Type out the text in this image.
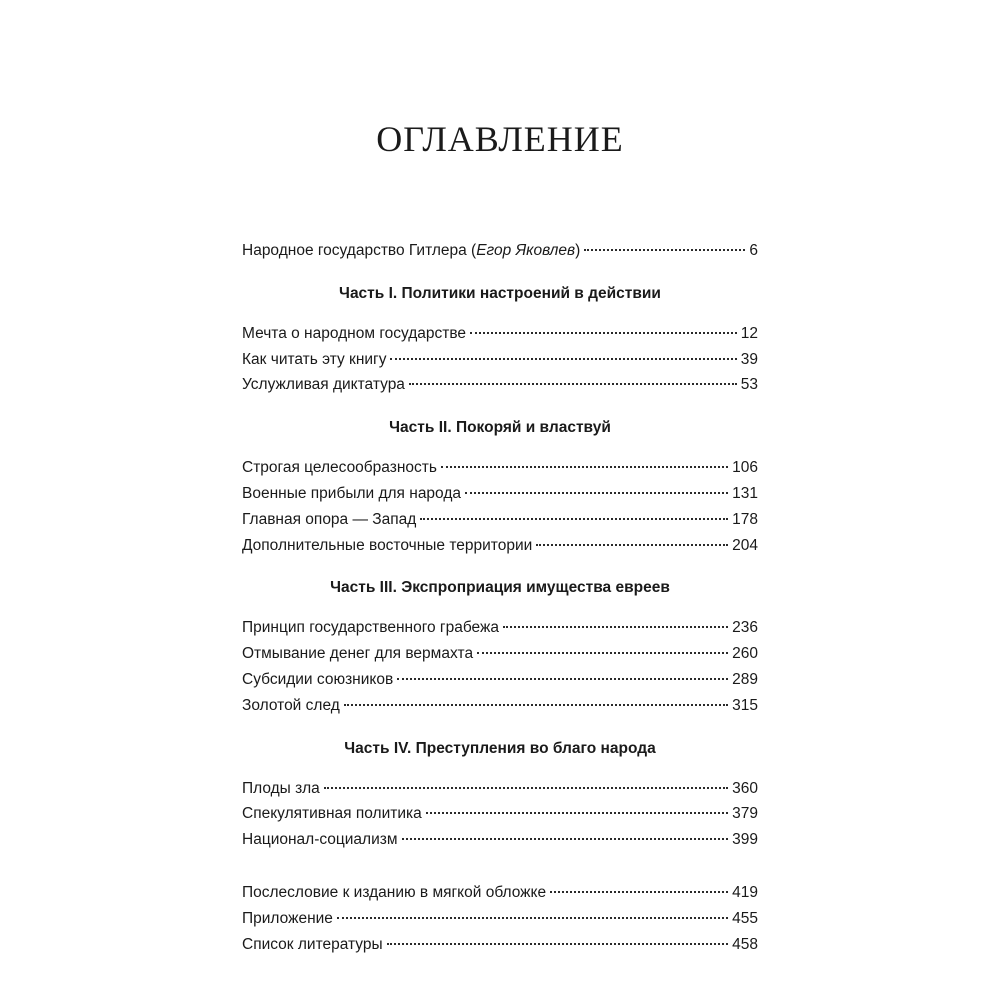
ОГЛАВЛЕНИЕ
Народное государство Гитлера (Егор Яковлев)	6
Часть I. Политики настроений в действии
Мечта о народном государстве	12
Как читать эту книгу	39
Услужливая диктатура	53
Часть II. Покоряй и властвуй
Строгая целесообразность	106
Военные прибыли для народа	131
Главная опора — Запад	178
Дополнительные восточные территории	204
Часть III. Экспроприация имущества евреев
Принцип государственного грабежа	236
Отмывание денег для вермахта	260
Субсидии союзников	289
Золотой след	315
Часть IV. Преступления во благо народа
Плоды зла	360
Спекулятивная политика	379
Национал-социализм	399
Послесловие к изданию в мягкой обложке	419
Приложение	455
Список литературы	458
